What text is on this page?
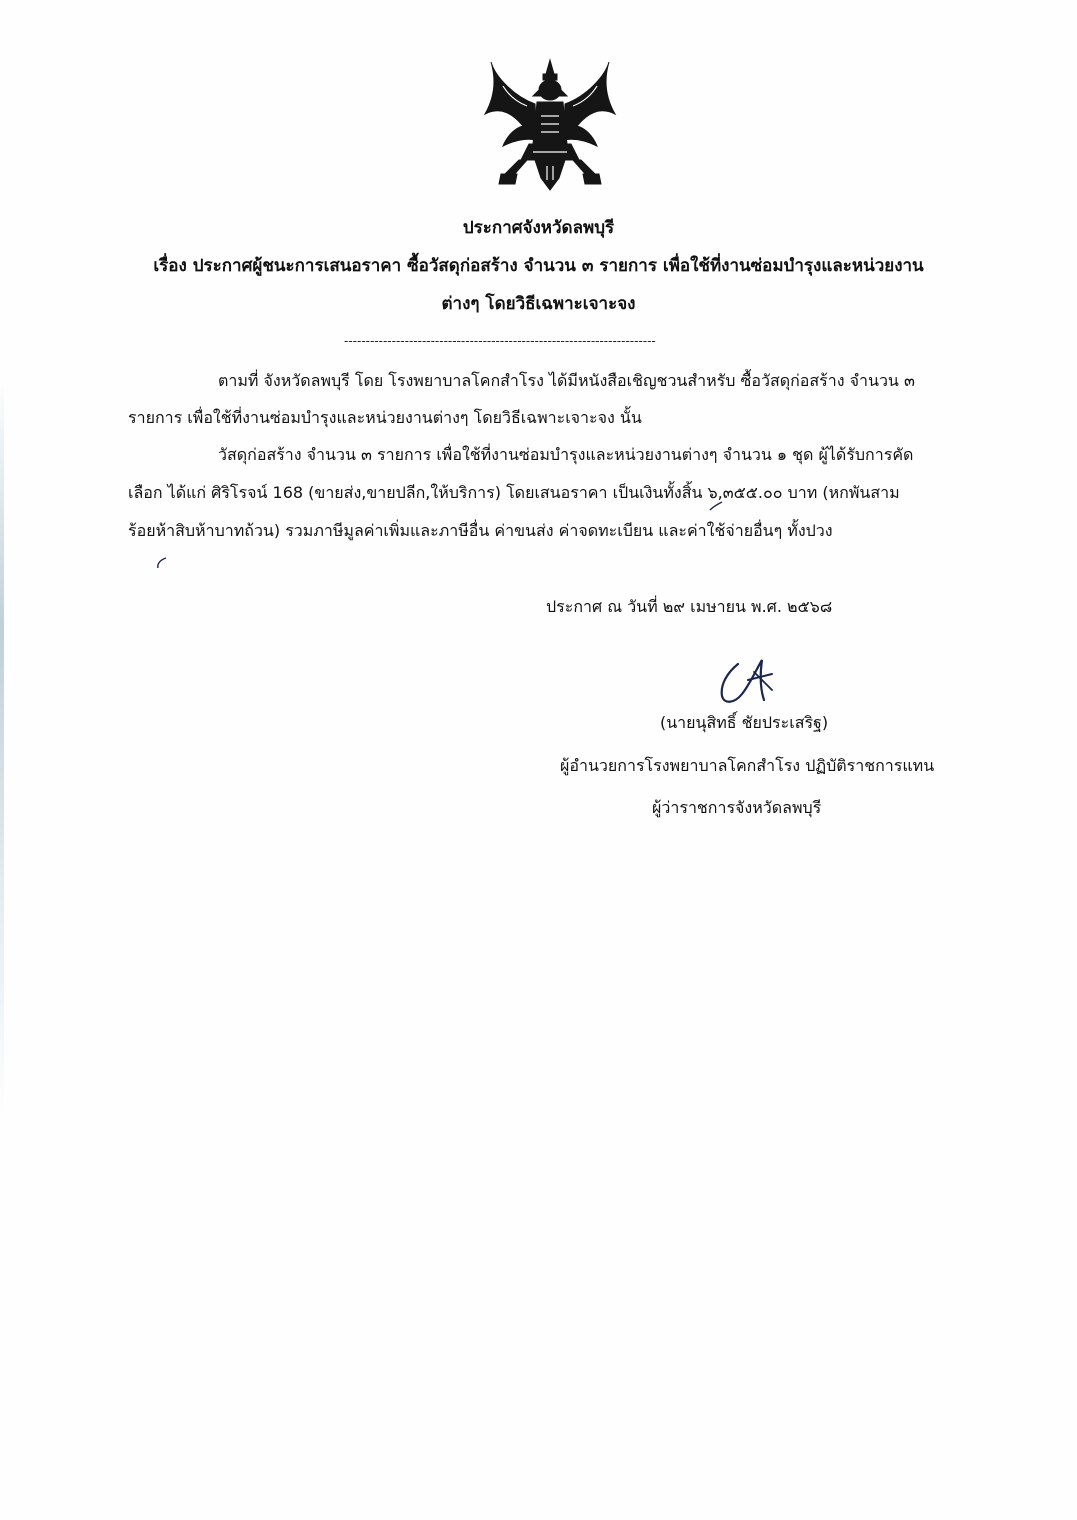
ประกาศจังหวัดลพบุรี
เรื่อง ประกาศผู้ชนะการเสนอราคา ซื้อวัสดุก่อสร้าง จำนวน ๓ รายการ เพื่อใช้ที่งานซ่อมบำรุงและหน่วยงาน
ต่างๆ โดยวิธีเฉพาะเจาะจง
------------------------------------------------------------------------
ตามที่ จังหวัดลพบุรี โดย โรงพยาบาลโคกสำโรง ได้มีหนังสือเชิญชวนสำหรับ ซื้อวัสดุก่อสร้าง จำนวน ๓
รายการ เพื่อใช้ที่งานซ่อมบำรุงและหน่วยงานต่างๆ โดยวิธีเฉพาะเจาะจง นั้น
วัสดุก่อสร้าง จำนวน ๓ รายการ เพื่อใช้ที่งานซ่อมบำรุงและหน่วยงานต่างๆ จำนวน ๑ ชุด ผู้ได้รับการคัด
เลือก ได้แก่ ศิริโรจน์ 168 (ขายส่ง,ขายปลีก,ให้บริการ) โดยเสนอราคา เป็นเงินทั้งสิ้น ๖,๓๕๕.๐๐ บาท (หกพันสาม
ร้อยห้าสิบห้าบาทถ้วน) รวมภาษีมูลค่าเพิ่มและภาษีอื่น ค่าขนส่ง ค่าจดทะเบียน และค่าใช้จ่ายอื่นๆ ทั้งปวง
ประกาศ ณ วันที่ ๒๙ เมษายน พ.ศ. ๒๕๖๘
(นายนุสิทธิ์ ชัยประเสริฐ)
ผู้อำนวยการโรงพยาบาลโคกสำโรง ปฏิบัติราชการแทน
ผู้ว่าราชการจังหวัดลพบุรี
